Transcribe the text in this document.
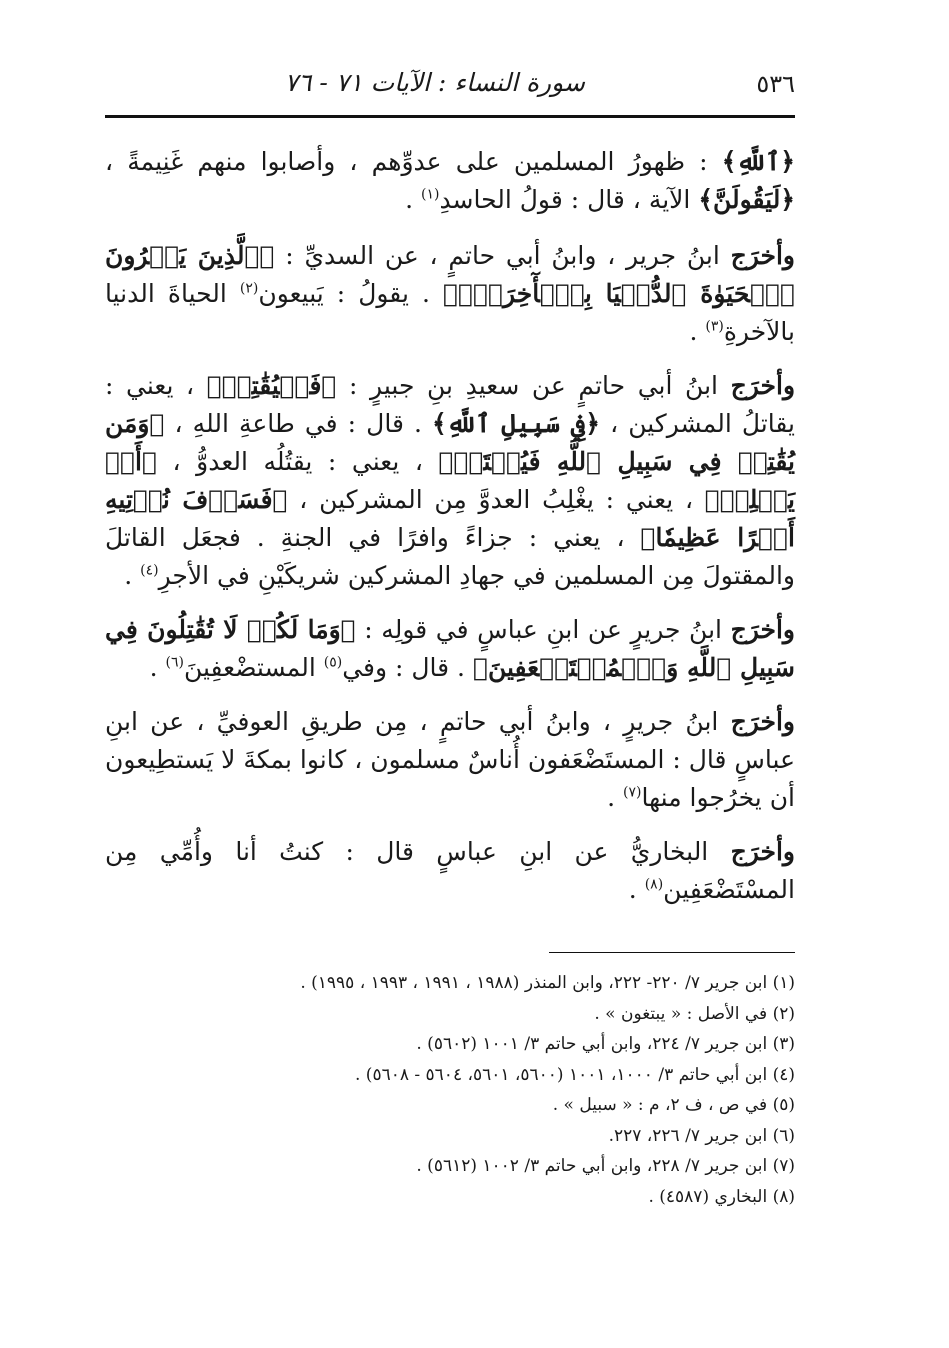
٥٣٦
سورة النساء : الآيات ٧١ - ٧٦

﴿ٱللَّهِ﴾ : ظهورُ المسلمين على عدوِّهم ، وأصابوا منهم غَنِيمةً ، ﴿لَيَقُولَنَّ﴾ الآية ، قال : قولُ الحاسدِ$^{(١)}$ .

وأخرَج ابنُ جرير ، وابنُ أبي حاتمٍ ، عن السديِّ : ﴿ٱلَّذِينَ يَشۡرُونَ ٱلۡحَيَوٰةَ ٱلدُّنۡيَا بِٱلۡأٓخِرَةِۚ﴾ . يقولُ : يَبيعون$^{(٢)}$ الحياةَ الدنيا بالآخرةِ$^{(٣)}$ .

وأخرَج ابنُ أبي حاتمٍ عن سعيدِ بنِ جبيرٍ : ﴿فَلۡيُقَٰتِلۡ﴾ ، يعني : يقاتلُ المشركين ، ﴿فِي سَبِيلِ ٱللَّهِ﴾ . قال : في طاعةِ اللهِ ، ﴿وَمَن يُقَٰتِلۡ فِي سَبِيلِ ٱللَّهِ فَيُقۡتَلۡ﴾ ، يعني : يقتُلُه العدوُّ ، ﴿أَوۡ يَغۡلِبۡ﴾ ، يعني : يغْلِبُ العدوَّ مِن المشركين ، ﴿فَسَوۡفَ نُؤۡتِيهِ أَجۡرًا عَظِيمٗا﴾ ، يعني : جزاءً وافرًا في الجنةِ . فجعَل القاتلَ والمقتولَ مِن المسلمين في جهادِ المشركين شريكَيْنِ في الأجرِ$^{(٤)}$ .

وأخرَج ابنُ جريرٍ عن ابنِ عباسٍ في قولِه : ﴿وَمَا لَكُمۡ لَا تُقَٰتِلُونَ فِي سَبِيلِ ٱللَّهِ وَٱلۡمُسۡتَضۡعَفِينَ﴾ . قال : وفي$^{(٥)}$ المستضْعفِينَ$^{(٦)}$ .

وأخرَج ابنُ جريرٍ ، وابنُ أبي حاتمٍ ، مِن طريقِ العوفيِّ ، عن ابنِ عباسٍ قال : المستَضْعَفون أُناسٌ مسلمون ، كانوا بمكةَ لا يَستطِيعون أن يخرُجوا منها$^{(٧)}$ .

وأخرَج البخاريُّ عن ابنِ عباسٍ قال : كنتُ أنا وأُمِّي مِن المسْتَضْعَفِين$^{(٨)}$ .

(١) ابن جرير ٧/ ٢٢٠- ٢٢٢، وابن المنذر (١٩٨٨ ، ١٩٩١ ، ١٩٩٣ ، ١٩٩٥) .
(٢) في الأصل : « يبتغون » .
(٣) ابن جرير ٧/ ٢٢٤، وابن أبي حاتم ٣/ ١٠٠١ (٥٦٠٢) .
(٤) ابن أبي حاتم ٣/ ١٠٠٠، ١٠٠١ (٥٦٠٠، ٥٦٠١، ٥٦٠٤ - ٥٦٠٨) .
(٥) في ص ، ف ٢، م : « سبيل » .
(٦) ابن جرير ٧/ ٢٢٦، ٢٢٧.
(٧) ابن جرير ٧/ ٢٢٨، وابن أبي حاتم ٣/ ١٠٠٢ (٥٦١٢) .
(٨) البخاري (٤٥٨٧) .
